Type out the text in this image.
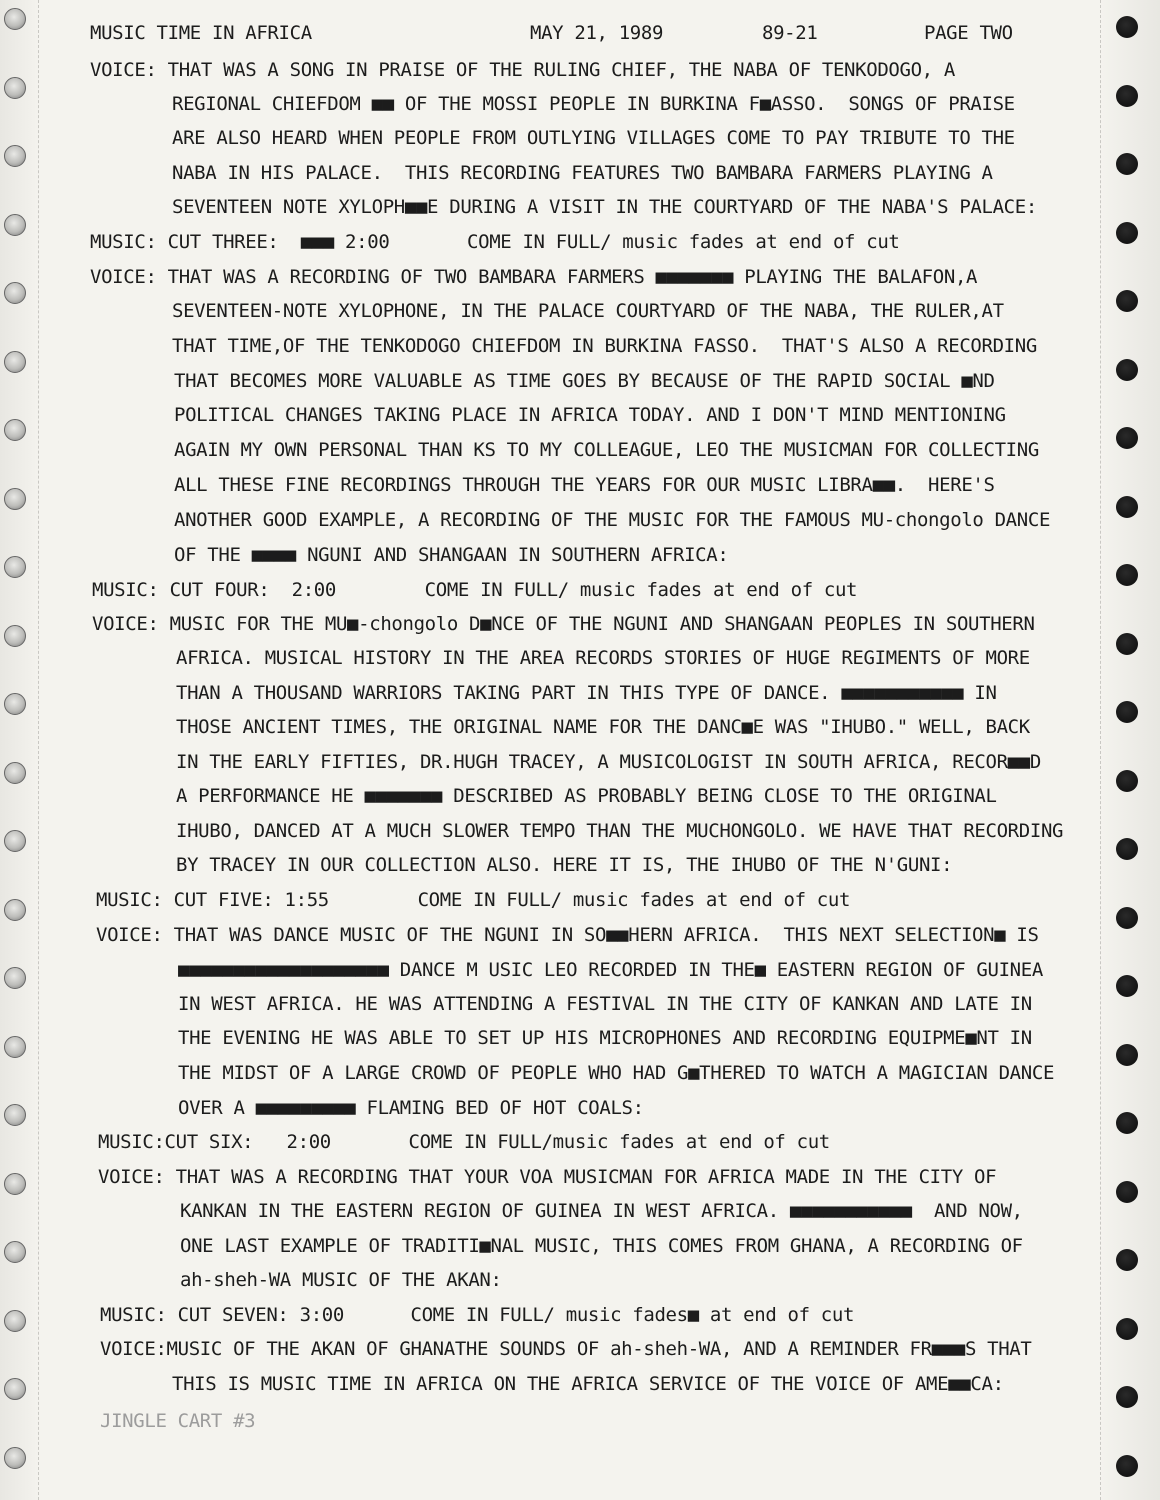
MUSIC TIME IN AFRICA	MAY 21, 1989	89-21	PAGE TWO
VOICE: THAT WAS A SONG IN PRAISE OF THE RULING CHIEF, THE NABA OF TENKODOGO, A
REGIONAL CHIEFDOM ■■ OF THE MOSSI PEOPLE IN BURKINA F■ASSO.  SONGS OF PRAISE
ARE ALSO HEARD WHEN PEOPLE FROM OUTLYING VILLAGES COME TO PAY TRIBUTE TO THE
NABA IN HIS PALACE.  THIS RECORDING FEATURES TWO BAMBARA FARMERS PLAYING A
SEVENTEEN NOTE XYLOPH■■E DURING A VISIT IN THE COURTYARD OF THE NABA'S PALACE:
MUSIC: CUT THREE:  ■■■ 2:00       COME IN FULL/ music fades at end of cut
VOICE: THAT WAS A RECORDING OF TWO BAMBARA FARMERS ■■■■■■■ PLAYING THE BALAFON,A
SEVENTEEN-NOTE XYLOPHONE, IN THE PALACE COURTYARD OF THE NABA, THE RULER,AT
THAT TIME,OF THE TENKODOGO CHIEFDOM IN BURKINA FASSO.  THAT'S ALSO A RECORDING
THAT BECOMES MORE VALUABLE AS TIME GOES BY BECAUSE OF THE RAPID SOCIAL ■ND
POLITICAL CHANGES TAKING PLACE IN AFRICA TODAY. AND I DON'T MIND MENTIONING
AGAIN MY OWN PERSONAL THAN KS TO MY COLLEAGUE, LEO THE MUSICMAN FOR COLLECTING
ALL THESE FINE RECORDINGS THROUGH THE YEARS FOR OUR MUSIC LIBRA■■.  HERE'S
ANOTHER GOOD EXAMPLE, A RECORDING OF THE MUSIC FOR THE FAMOUS MU-chongolo DANCE
OF THE ■■■■ NGUNI AND SHANGAAN IN SOUTHERN AFRICA:
MUSIC: CUT FOUR:  2:00        COME IN FULL/ music fades at end of cut
VOICE: MUSIC FOR THE MU■-chongolo D■NCE OF THE NGUNI AND SHANGAAN PEOPLES IN SOUTHERN
AFRICA. MUSICAL HISTORY IN THE AREA RECORDS STORIES OF HUGE REGIMENTS OF MORE
THAN A THOUSAND WARRIORS TAKING PART IN THIS TYPE OF DANCE. ■■■■■■■■■■■ IN
THOSE ANCIENT TIMES, THE ORIGINAL NAME FOR THE DANC■E WAS "IHUBO." WELL, BACK
IN THE EARLY FIFTIES, DR.HUGH TRACEY, A MUSICOLOGIST IN SOUTH AFRICA, RECOR■■D
A PERFORMANCE HE ■■■■■■■ DESCRIBED AS PROBABLY BEING CLOSE TO THE ORIGINAL
IHUBO, DANCED AT A MUCH SLOWER TEMPO THAN THE MUCHONGOLO. WE HAVE THAT RECORDING
BY TRACEY IN OUR COLLECTION ALSO. HERE IT IS, THE IHUBO OF THE N'GUNI:
MUSIC: CUT FIVE: 1:55        COME IN FULL/ music fades at end of cut
VOICE: THAT WAS DANCE MUSIC OF THE NGUNI IN SO■■HERN AFRICA.  THIS NEXT SELECTION■ IS
■■■■■■■■■■■■■■■■■■■ DANCE M USIC LEO RECORDED IN THE■ EASTERN REGION OF GUINEA
IN WEST AFRICA. HE WAS ATTENDING A FESTIVAL IN THE CITY OF KANKAN AND LATE IN
THE EVENING HE WAS ABLE TO SET UP HIS MICROPHONES AND RECORDING EQUIPME■NT IN
THE MIDST OF A LARGE CROWD OF PEOPLE WHO HAD G■THERED TO WATCH A MAGICIAN DANCE
OVER A ■■■■■■■■■ FLAMING BED OF HOT COALS:
MUSIC:CUT SIX:   2:00       COME IN FULL/music fades at end of cut
VOICE: THAT WAS A RECORDING THAT YOUR VOA MUSICMAN FOR AFRICA MADE IN THE CITY OF
KANKAN IN THE EASTERN REGION OF GUINEA IN WEST AFRICA. ■■■■■■■■■■■  AND NOW,
ONE LAST EXAMPLE OF TRADITI■NAL MUSIC, THIS COMES FROM GHANA, A RECORDING OF
ah-sheh-WA MUSIC OF THE AKAN:
MUSIC: CUT SEVEN: 3:00      COME IN FULL/ music fades■ at end of cut
VOICE:MUSIC OF THE AKAN OF GHANATHE SOUNDS OF ah-sheh-WA, AND A REMINDER FR■■■S THAT
THIS IS MUSIC TIME IN AFRICA ON THE AFRICA SERVICE OF THE VOICE OF AME■■CA:
JINGLE CART #3
